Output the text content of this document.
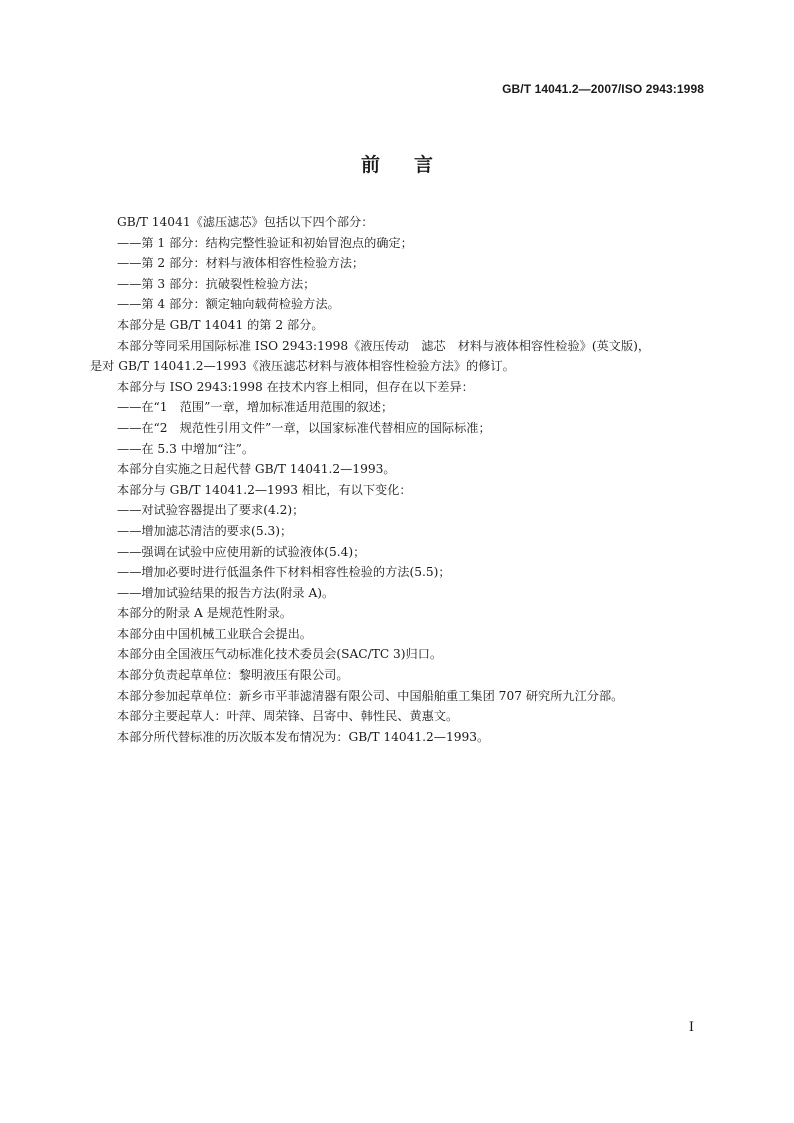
GB/T 14041.2—2007/ISO 2943:1998
前言

GB/T 14041《滤压滤芯》包括以下四个部分：

——第 1 部分：结构完整性验证和初始冒泡点的确定；

——第 2 部分：材料与液体相容性检验方法；

——第 3 部分：抗破裂性检验方法；

——第 4 部分：额定轴向载荷检验方法。

本部分是 GB/T 14041 的第 2 部分。

本部分等同采用国际标准 ISO 2943:1998《液压传动　滤芯　材料与液体相容性检验》(英文版)，

是对 GB/T 14041.2—1993《液压滤芯材料与液体相容性检验方法》的修订。

本部分与 ISO 2943:1998 在技术内容上相同，但存在以下差异：

——在“1　范围”一章，增加标准适用范围的叙述；

——在“2　规范性引用文件”一章，以国家标准代替相应的国际标准；

——在 5.3 中增加“注”。

本部分自实施之日起代替 GB/T 14041.2—1993。

本部分与 GB/T 14041.2—1993 相比，有以下变化：

——对试验容器提出了要求(4.2)；

——增加滤芯清洁的要求(5.3)；

——强调在试验中应使用新的试验液体(5.4)；

——增加必要时进行低温条件下材料相容性检验的方法(5.5)；

——增加试验结果的报告方法(附录 A)。

本部分的附录 A 是规范性附录。

本部分由中国机械工业联合会提出。

本部分由全国液压气动标准化技术委员会(SAC/TC 3)归口。

本部分负责起草单位：黎明液压有限公司。

本部分参加起草单位：新乡市平菲滤清器有限公司、中国船舶重工集团 707 研究所九江分部。

本部分主要起草人：叶萍、周荣锋、吕寄中、韩性民、黄惠文。

本部分所代替标准的历次版本发布情况为：GB/T 14041.2—1993。

I
